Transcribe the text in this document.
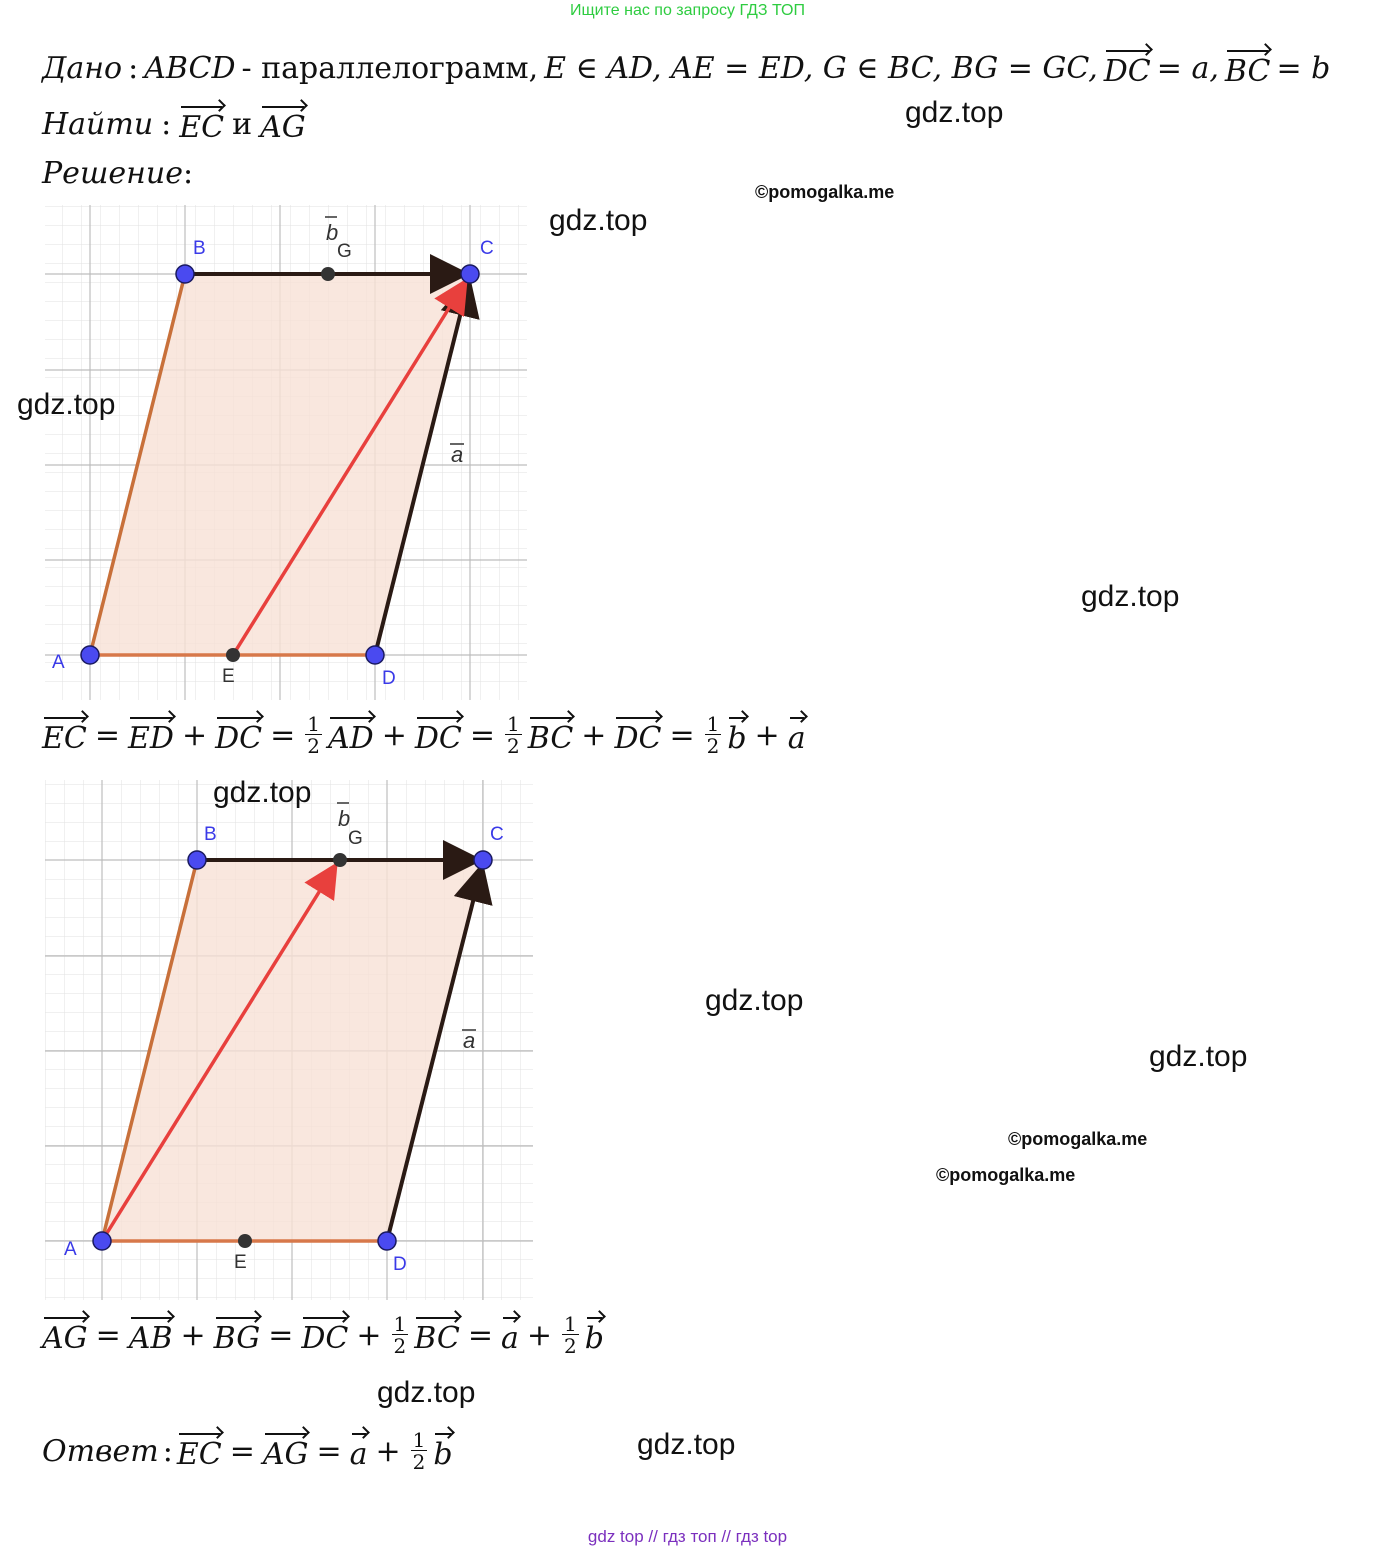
Ищите нас по запросу ГДЗ ТОП
Дано : ABCD - параллелограмм, E ∈ AD, AE = ED, G ∈ BC, BG = GC, DC = a, BC = b
Найти : EC и AG
Решение:
A
B	C
D
E
G
b
a
EC = ED + DC = $\frac{1}{2}$ AD + DC = $\frac{1}{2}$ BC + DC = $\frac{1}{2}$ b + a
A
B	C
D
E
G
b
a
AG = AB + BG = DC + $\frac{1}{2}$ BC = $a + \frac{1}{2}$ b
Ответ : EC = AG = $a + \frac{1}{2}$ b
gdz.top
gdz.top
gdz.top
gdz.top
gdz.top
gdz.top
gdz.top
gdz.top
gdz.top
©pomogalka.me
©pomogalka.me
©pomogalka.me
gdz top // гдз топ // гдз top
